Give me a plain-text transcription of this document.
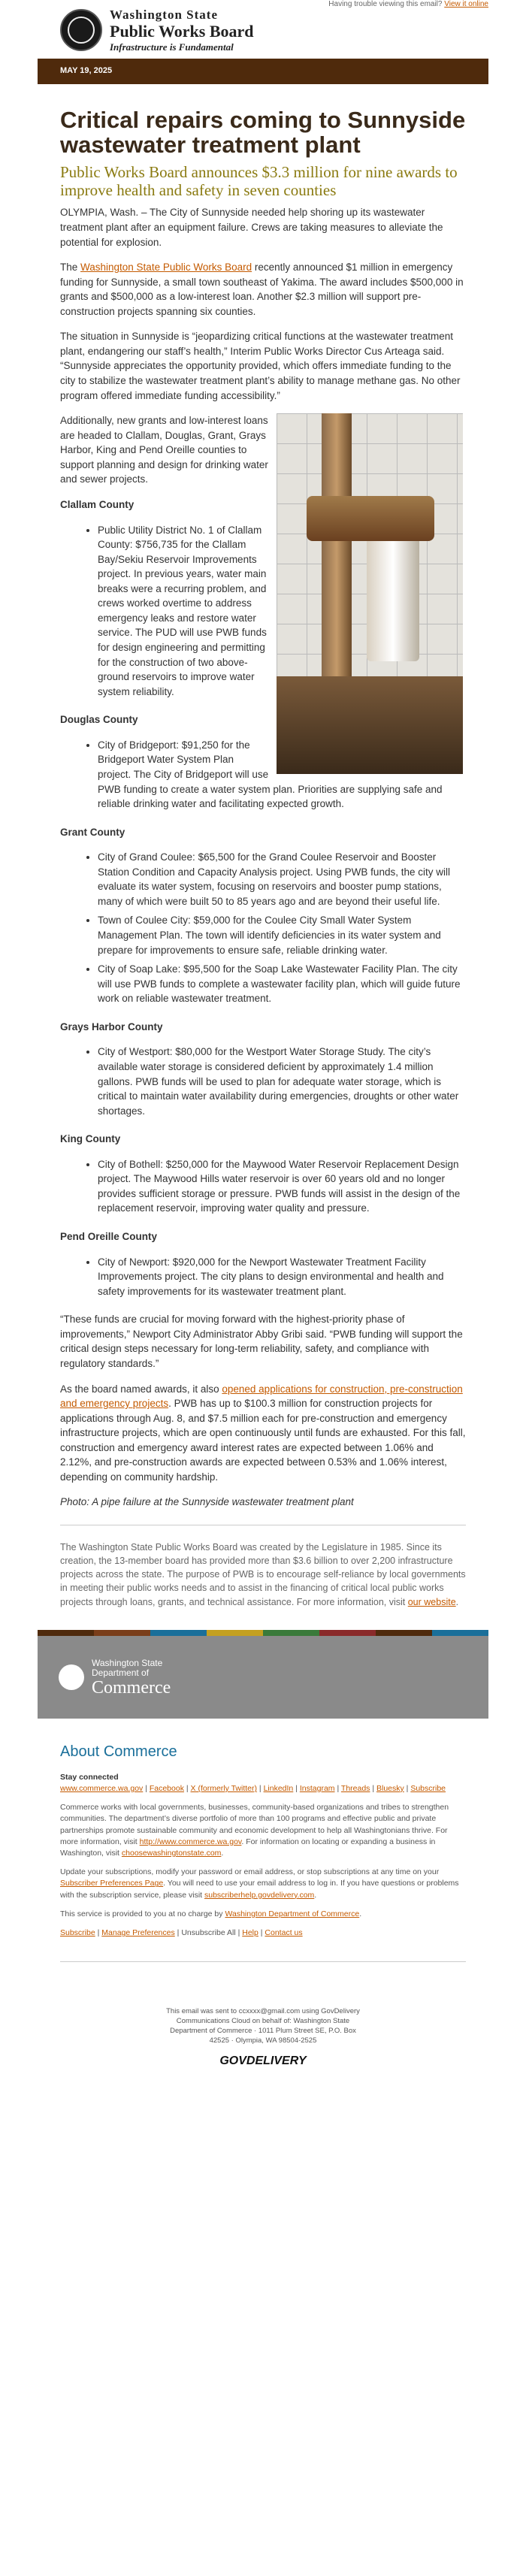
Having trouble viewing this email? View it online
Washington State
Public Works Board
Infrastructure is Fundamental
MAY 19, 2025
Critical repairs coming to Sunnyside wastewater treatment plant
Public Works Board announces $3.3 million for nine awards to improve health and safety in seven counties

OLYMPIA, Wash. – The City of Sunnyside needed help shoring up its wastewater treatment plant after an equipment failure. Crews are taking measures to alleviate the potential for explosion.

The Washington State Public Works Board recently announced $1 million in emergency funding for Sunnyside, a small town southeast of Yakima. The award includes $500,000 in grants and $500,000 as a low-interest loan. Another $2.3 million will support pre-construction projects spanning six counties.

The situation in Sunnyside is “jeopardizing critical functions at the wastewater treatment plant, endangering our staff’s health,” Interim Public Works Director Cus Arteaga said. “Sunnyside appreciates the opportunity provided, which offers immediate funding to the city to stabilize the wastewater treatment plant’s ability to manage methane gas. No other program offered immediate funding accessibility.”

Additionally, new grants and low-interest loans are headed to Clallam, Douglas, Grant, Grays Harbor, King and Pend Oreille counties to support planning and design for drinking water and sewer projects.

Clallam County
• Public Utility District No. 1 of Clallam County: $756,735 for the Clallam Bay/Sekiu Reservoir Improvements project. In previous years, water main breaks were a recurring problem, and crews worked overtime to address emergency leaks and restore water service. The PUD will use PWB funds for design engineering and permitting for the construction of two above-ground reservoirs to improve water system reliability.
Douglas County
• City of Bridgeport: $91,250 for the Bridgeport Water System Plan project. The City of Bridgeport will use PWB funding to create a water system plan. Priorities are supplying safe and reliable drinking water and facilitating expected growth.
Grant County
• City of Grand Coulee: $65,500 for the Grand Coulee Reservoir and Booster Station Condition and Capacity Analysis project. Using PWB funds, the city will evaluate its water system, focusing on reservoirs and booster pump stations, many of which were built 50 to 85 years ago and are beyond their useful life.
• Town of Coulee City: $59,000 for the Coulee City Small Water System Management Plan. The town will identify deficiencies in its water system and prepare for improvements to ensure safe, reliable drinking water.
• City of Soap Lake: $95,500 for the Soap Lake Wastewater Facility Plan. The city will use PWB funds to complete a wastewater facility plan, which will guide future work on reliable wastewater treatment.
Grays Harbor County
• City of Westport: $80,000 for the Westport Water Storage Study. The city’s available water storage is considered deficient by approximately 1.4 million gallons. PWB funds will be used to plan for adequate water storage, which is critical to maintain water availability during emergencies, droughts or other water shortages.
King County
• City of Bothell: $250,000 for the Maywood Water Reservoir Replacement Design project. The Maywood Hills water reservoir is over 60 years old and no longer provides sufficient storage or pressure. PWB funds will assist in the design of the replacement reservoir, improving water quality and pressure.
Pend Oreille County
• City of Newport: $920,000 for the Newport Wastewater Treatment Facility Improvements project. The city plans to design environmental and health and safety improvements for its wastewater treatment plant.

“These funds are crucial for moving forward with the highest-priority phase of improvements,” Newport City Administrator Abby Gribi said. “PWB funding will support the critical design steps necessary for long-term reliability, safety, and compliance with regulatory standards.”

As the board named awards, it also opened applications for construction, pre-construction and emergency projects. PWB has up to $100.3 million for construction projects for applications through Aug. 8, and $7.5 million each for pre-construction and emergency infrastructure projects, which are open continuously until funds are exhausted. For this fall, construction and emergency award interest rates are expected between 1.06% and 2.12%, and pre-construction awards are expected between 0.53% and 1.06% interest, depending on community hardship.

Photo: A pipe failure at the Sunnyside wastewater treatment plant

The Washington State Public Works Board was created by the Legislature in 1985. Since its creation, the 13-member board has provided more than $3.6 billion to over 2,200 infrastructure projects across the state. The purpose of PWB is to encourage self-reliance by local governments in meeting their public works needs and to assist in the financing of critical local public works projects through loans, grants, and technical assistance. For more information, visit our website.
Washington State
Department of
Commerce
About Commerce
Stay connected
www.commerce.wa.gov | Facebook | X (formerly Twitter) | LinkedIn | Instagram | Threads | Bluesky | Subscribe
Commerce works with local governments, businesses, community-based organizations and tribes to strengthen communities. The department’s diverse portfolio of more than 100 programs and effective public and private partnerships promote sustainable community and economic development to help all Washingtonians thrive. For more information, visit http://www.commerce.wa.gov. For information on locating or expanding a business in Washington, visit choosewashingtonstate.com.
Update your subscriptions, modify your password or email address, or stop subscriptions at any time on your Subscriber Preferences Page. You will need to use your email address to log in. If you have questions or problems with the subscription service, please visit subscriberhelp.govdelivery.com.
This service is provided to you at no charge by Washington Department of Commerce.
Subscribe | Manage Preferences | Unsubscribe All | Help | Contact us
This email was sent to ccxxxx@gmail.com using GovDelivery Communications Cloud on behalf of: Washington State Department of Commerce · 1011 Plum Street SE, P.O. Box 42525 · Olympia, WA 98504-2525
GOVDELIVERY
